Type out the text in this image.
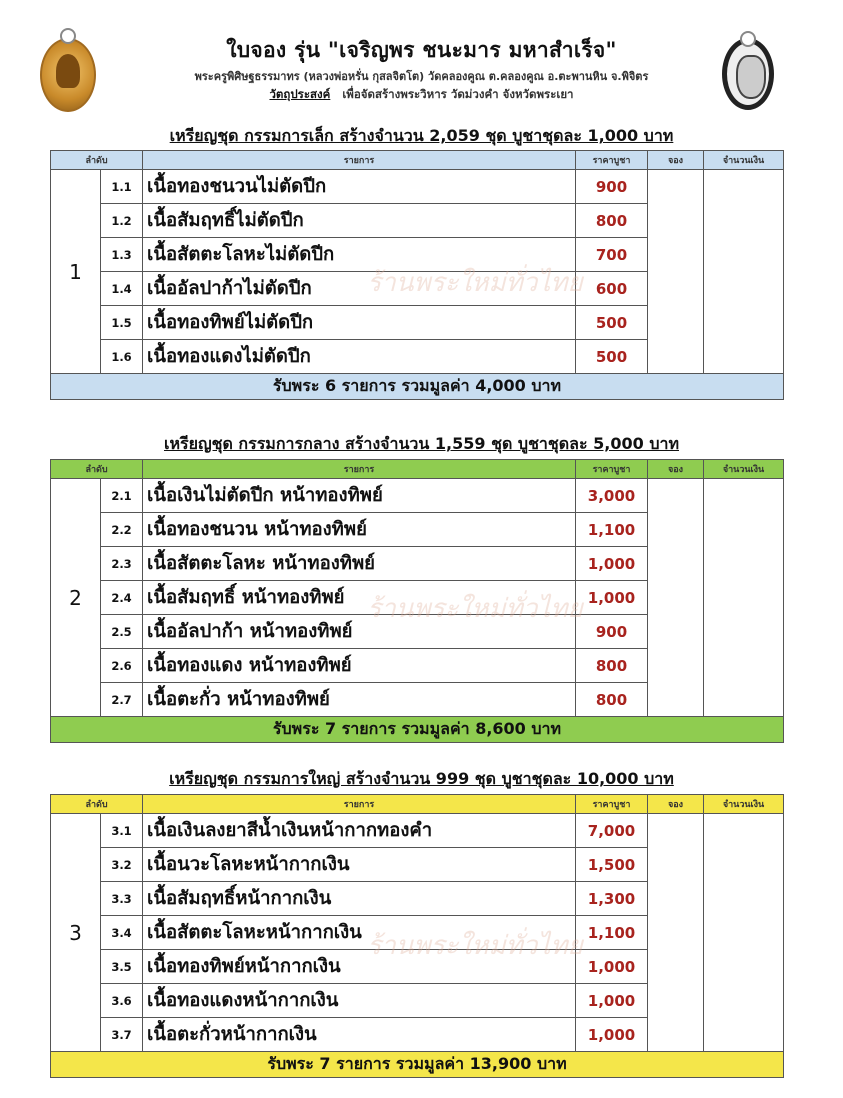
ใบจอง รุ่น "เจริญพร ชนะมาร มหาสำเร็จ"
พระครูพิศิษฐธรรมาทร (หลวงพ่อหรั่น กุสลจิตโต) วัดคลองคูณ ต.คลองคูณ อ.ตะพานหิน จ.พิจิตร
วัตถุประสงค์ เพื่อจัดสร้างพระวิหาร วัดม่วงคำ จังหวัดพระเยา
เหรียญชุด กรรมการเล็ก สร้างจำนวน 2,059 ชุด บูชาชุดละ 1,000 บาท
ลำดับ		รายการ	ราคาบูชา	จอง	จำนวนเงิน
1	1.1	เนื้อทองชนวนไม่ตัดปีก	900		
	1.2	เนื้อสัมฤทธิ์ไม่ตัดปีก	800		
	1.3	เนื้อสัตตะโลหะไม่ตัดปีก	700		
	1.4	เนื้ออัลปาก้าไม่ตัดปีก	600		
	1.5	เนื้อทองทิพย์ไม่ตัดปีก	500		
	1.6	เนื้อทองแดงไม่ตัดปีก	500		
รับพระ 6 รายการ รวมมูลค่า 4,000 บาท					
ร้านพระใหม่ทั่วไทย
เหรียญชุด กรรมการกลาง สร้างจำนวน 1,559 ชุด บูชาชุดละ 5,000 บาท
ลำดับ		รายการ	ราคาบูชา	จอง	จำนวนเงิน
2	2.1	เนื้อเงินไม่ตัดปีก หน้าทองทิพย์	3,000		
	2.2	เนื้อทองชนวน หน้าทองทิพย์	1,100		
	2.3	เนื้อสัตตะโลหะ หน้าทองทิพย์	1,000		
	2.4	เนื้อสัมฤทธิ์ หน้าทองทิพย์	1,000		
	2.5	เนื้ออัลปาก้า หน้าทองทิพย์	900		
	2.6	เนื้อทองแดง หน้าทองทิพย์	800		
	2.7	เนื้อตะกั่ว หน้าทองทิพย์	800		
รับพระ 7 รายการ รวมมูลค่า 8,600 บาท					
ร้านพระใหม่ทั่วไทย
เหรียญชุด กรรมการใหญ่ สร้างจำนวน 999 ชุด บูชาชุดละ 10,000 บาท
ลำดับ		รายการ	ราคาบูชา	จอง	จำนวนเงิน
3	3.1	เนื้อเงินลงยาสีน้ำเงินหน้ากากทองคำ	7,000		
	3.2	เนื้อนวะโลหะหน้ากากเงิน	1,500		
	3.3	เนื้อสัมฤทธิ์หน้ากากเงิน	1,300		
	3.4	เนื้อสัตตะโลหะหน้ากากเงิน	1,100		
	3.5	เนื้อทองทิพย์หน้ากากเงิน	1,000		
	3.6	เนื้อทองแดงหน้ากากเงิน	1,000		
	3.7	เนื้อตะกั่วหน้ากากเงิน	1,000		
รับพระ 7 รายการ รวมมูลค่า 13,900 บาท					
ร้านพระใหม่ทั่วไทย
